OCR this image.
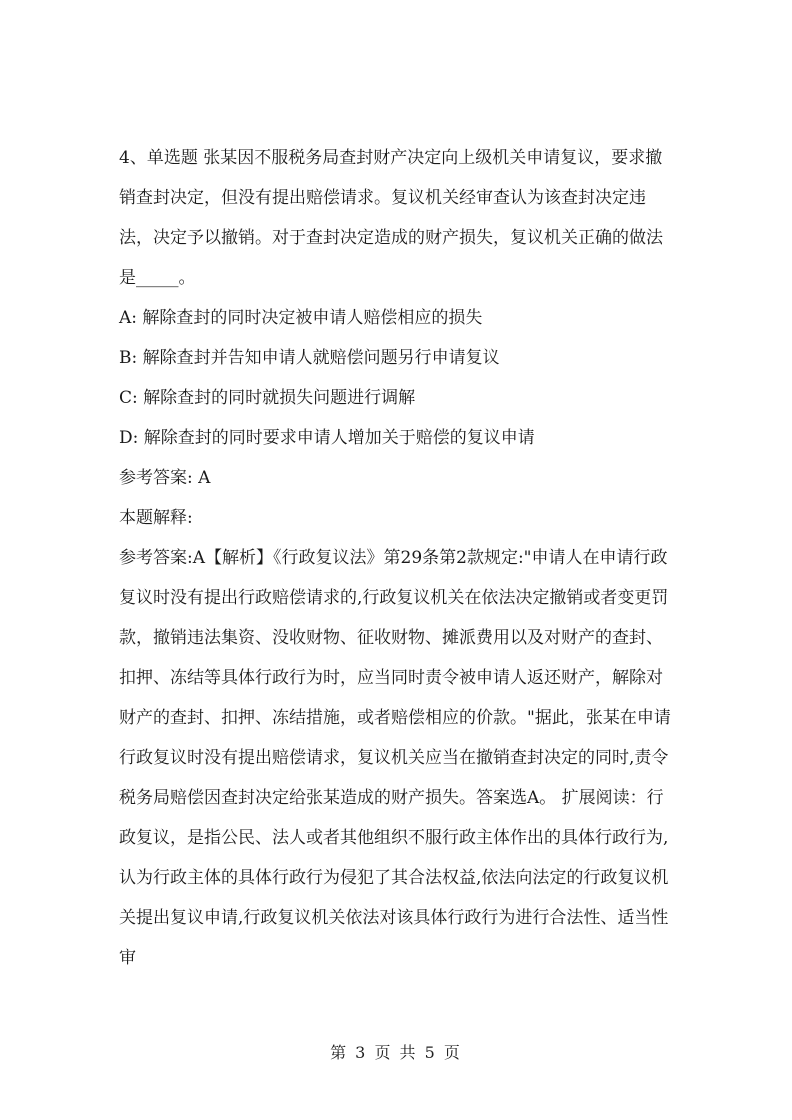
4、单选题 张某因不服税务局查封财产决定向上级机关申请复议，要求撤销查封决定，但没有提出赔偿请求。复议机关经审查认为该查封决定违法，决定予以撤销。对于查封决定造成的财产损失，复议机关正确的做法是_____。

A: 解除查封的同时决定被申请人赔偿相应的损失

B: 解除查封并告知申请人就赔偿问题另行申请复议

C: 解除查封的同时就损失问题进行调解

D: 解除查封的同时要求申请人增加关于赔偿的复议申请

参考答案: A

本题解释:

参考答案:A【解析】《行政复议法》第29条第2款规定:"申请人在申请行政复议时没有提出行政赔偿请求的,行政复议机关在依法决定撤销或者变更罚款，撤销违法集资、没收财物、征收财物、摊派费用以及对财产的查封、扣押、冻结等具体行政行为时，应当同时责令被申请人返还财产，解除对财产的查封、扣押、冻结措施，或者赔偿相应的价款。"据此，张某在申请行政复议时没有提出赔偿请求，复议机关应当在撤销查封决定的同时,责令税务局赔偿因查封决定给张某造成的财产损失。答案选A。 扩展阅读：行政复议，是指公民、法人或者其他组织不服行政主体作出的具体行政行为,认为行政主体的具体行政行为侵犯了其合法权益,依法向法定的行政复议机关提出复议申请,行政复议机关依法对该具体行政行为进行合法性、适当性审

第 3 页 共 5 页
